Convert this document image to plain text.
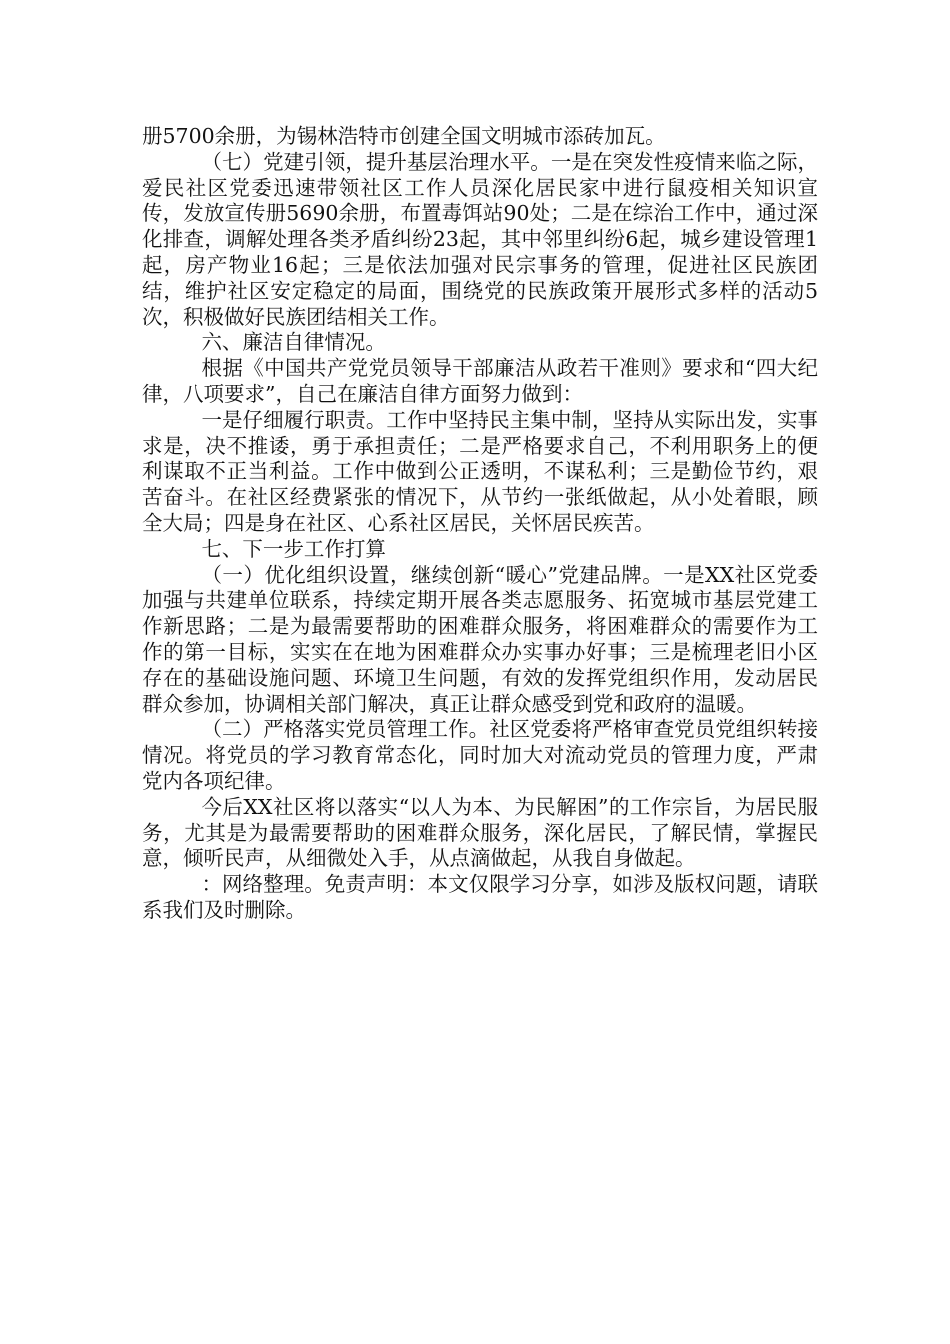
册5700余册，为锡林浩特市创建全国文明城市添砖加瓦。

（七）党建引领，提升基层治理水平。一是在突发性疫情来临之际，爱民社区党委迅速带领社区工作人员深化居民家中进行鼠疫相关知识宣传，发放宣传册5690余册，布置毒饵站90处；二是在综治工作中，通过深化排查，调解处理各类矛盾纠纷23起，其中邻里纠纷6起，城乡建设管理1起，房产物业16起；三是依法加强对民宗事务的管理，促进社区民族团结，维护社区安定稳定的局面，围绕党的民族政策开展形式多样的活动5次，积极做好民族团结相关工作。

六、廉洁自律情况。

根据《中国共产党党员领导干部廉洁从政若干准则》要求和“四大纪律，八项要求”，自己在廉洁自律方面努力做到：

一是仔细履行职责。工作中坚持民主集中制，坚持从实际出发，实事求是，决不推诿，勇于承担责任；二是严格要求自己，不利用职务上的便利谋取不正当利益。工作中做到公正透明，不谋私利；三是勤俭节约，艰苦奋斗。在社区经费紧张的情况下，从节约一张纸做起，从小处着眼，顾全大局；四是身在社区、心系社区居民，关怀居民疾苦。

七、下一步工作打算

（一）优化组织设置，继续创新“暖心”党建品牌。一是XX社区党委加强与共建单位联系，持续定期开展各类志愿服务、拓宽城市基层党建工作新思路；二是为最需要帮助的困难群众服务，将困难群众的需要作为工作的第一目标，实实在在地为困难群众办实事办好事；三是梳理老旧小区存在的基础设施问题、环境卫生问题，有效的发挥党组织作用，发动居民群众参加，协调相关部门解决，真正让群众感受到党和政府的温暖。

（二）严格落实党员管理工作。社区党委将严格审查党员党组织转接情况。将党员的学习教育常态化，同时加大对流动党员的管理力度，严肃党内各项纪律。

今后XX社区将以落实“以人为本、为民解困”的工作宗旨，为居民服务，尤其是为最需要帮助的困难群众服务，深化居民，了解民情，掌握民意，倾听民声，从细微处入手，从点滴做起，从我自身做起。

：网络整理。免责声明：本文仅限学习分享，如涉及版权问题，请联系我们及时删除。
